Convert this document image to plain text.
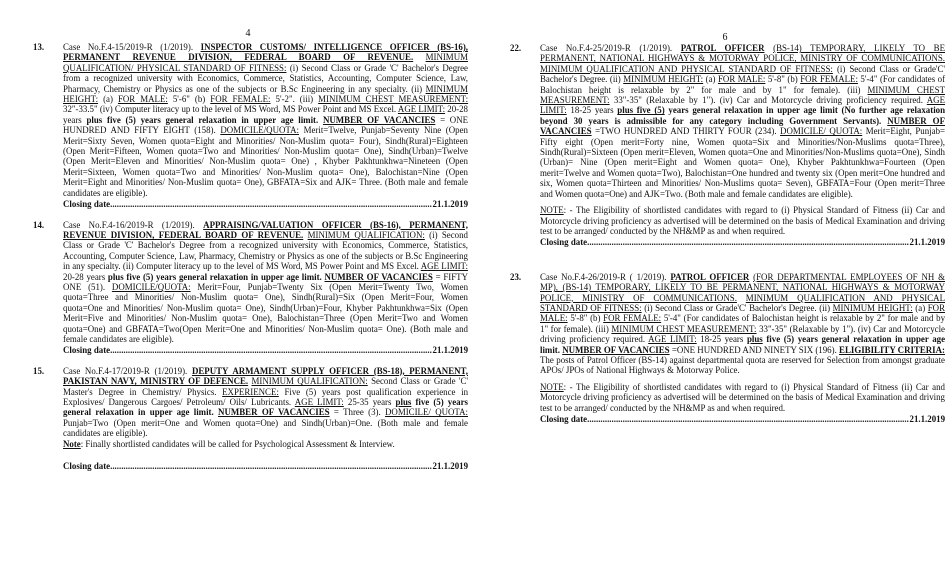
4
13. Case No.F.4-15/2019-R (1/2019). INSPECTOR CUSTOMS/ INTELLIGENCE OFFICER (BS-16), PERMANENT REVENUE DIVISION, FEDERAL BOARD OF REVENUE. MINIMUM QUALIFICATION/ PHYSICAL STANDARD OF FITNESS: (i) Second Class or Grade 'C' Bachelor's Degree from a recognized university with Economics, Commerce, Statistics, Accounting, Computer Science, Law, Pharmacy, Chemistry or Physics as one of the subjects or B.Sc Engineering in any specialty. (ii) MINIMUM HEIGHT: (a) FOR MALE: 5'-6" (b) FOR FEMALE: 5'-2". (iii) MINIMUM CHEST MEASUREMENT: 32"-33.5" (iv) Computer literacy up to the level of MS Word, MS Power Point and MS Excel. AGE LIMIT: 20-28 years plus five (5) years general relaxation in upper age limit. NUMBER OF VACANCIES = ONE HUNDRED AND FIFTY EIGHT (158). DOMICILE/QUOTA: Merit=Twelve, Punjab=Seventy Nine (Open Merit=Sixty Seven, Women quota=Eight and Minorities/ Non-Muslim quota= Four), Sindh(Rural)=Eighteen (Open Merit=Fifteen, Women quota=Two and Minorities/ Non-Muslim quota= One), Sindh(Urban)=Twelve (Open Merit=Eleven and Minorities/ Non-Muslim quota= One) , Khyber Pakhtunkhwa=Nineteen (Open Merit=Sixteen, Women quota=Two and Minorities/ Non-Muslim quota= One), Balochistan=Nine (Open Merit=Eight and Minorities/ Non-Muslim quota= One), GBFATA=Six and AJK= Three. (Both male and female candidates are eligible).

Closing date .....	21.1.2019
14. Case No.F.4-16/2019-R (1/2019). APPRAISING/VALUATION OFFICER (BS-16), PERMANENT, REVENUE DIVISION, FEDERAL BOARD OF REVENUE. MINIMUM QUALIFICATION: (i) Second Class or Grade 'C' Bachelor's Degree from a recognized university with Economics, Commerce, Statistics, Accounting, Computer Science, Law, Pharmacy, Chemistry or Physics as one of the subjects or B.Sc Engineering in any specialty. (ii) Computer literacy up to the level of MS Word, MS Power Point and MS Excel. AGE LIMIT: 20-28 years plus five (5) years general relaxation in upper age limit. NUMBER OF VACANCIES = FIFTY ONE (51). DOMICILE/QUOTA: Merit=Four, Punjab=Twenty Six (Open Merit=Twenty Two, Women quota=Three and Minorities/ Non-Muslim quota= One), Sindh(Rural)=Six (Open Merit=Four, Women quota=One and Minorities/ Non-Muslim quota= One), Sindh(Urban)=Four, Khyber Pakhtunkhwa=Six (Open Merit=Five and Minorities/ Non-Muslim quota= One), Balochistan=Three (Open Merit=Two and Women quota=One) and GBFATA=Two(Open Merit=One and Minorities/ Non-Muslim quota= One). (Both male and female candidates are eligible).

Closing date .....	21.1.2019
15. Case No.F.4-17/2019-R (1/2019). DEPUTY ARMAMENT SUPPLY OFFICER (BS-18), PERMANENT, PAKISTAN NAVY, MINISTRY OF DEFENCE. MINIMUM QUALIFICATION: Second Class or Grade 'C' Master's Degree in Chemistry/ Physics. EXPERIENCE: Five (5) years post qualification experience in Explosives/ Dangerous Cargoes/ Petroleum/ Oils/ Lubricants. AGE LIMIT: 25-35 years plus five (5) years general relaxation in upper age limit. NUMBER OF VACANCIES = Three (3). DOMICILE/ QUOTA: Punjab=Two (Open merit=One and Women quota=One) and Sindh(Urban)=One. (Both male and female candidates are eligible).

Note: Finally shortlisted candidates will be called for Psychological Assessment & Interview.

Closing date .....	21.1.2019
6
22. Case No.F.4-25/2019-R (1/2019). PATROL OFFICER (BS-14) TEMPORARY, LIKELY TO BE PERMANENT, NATIONAL HIGHWAYS & MOTORWAY POLICE, MINISTRY OF COMMUNICATIONS. MINIMUM QUALIFICATION AND PHYSICAL STANDARD OF FITNESS: (i) Second Class or Grade'C' Bachelor's Degree. (ii) MINIMUM HEIGHT: (a) FOR MALE: 5'-8" (b) FOR FEMALE: 5'-4" (For candidates of Balochistan height is relaxable by 2" for male and by 1" for female). (iii) MINIMUM CHEST MEASUREMENT: 33"-35" (Relaxable by 1"). (iv) Car and Motorcycle driving proficiency required. AGE LIMIT: 18-25 years plus five (5) years general relaxation in upper age limit (No further age relaxation beyond 30 years is admissible for any category including Government Servants). NUMBER OF VACANCIES =TWO HUNDRED AND THIRTY FOUR (234). DOMICILE/ QUOTA: Merit=Eight, Punjab= Fifty eight (Open merit=Forty nine, Women quota=Six and Minorities/Non-Muslims quota=Three), Sindh(Rural)=Sixteen (Open merit=Eleven, Women quota=One and Minorities/Non-Muslims quota=One), Sindh (Urban)= Nine (Open merit=Eight and Women quota= One), Khyber Pakhtunkhwa=Fourteen (Open merit=Twelve and Women quota=Two), Balochistan=One hundred and twenty six (Open merit=One hundred and six, Women quota=Thirteen and Minorities/ Non-Muslims quota= Seven), GBFATA=Four (Open merit=Three and Women quota=One) and AJK=Two. (Both male and female candidates are eligible).

NOTE: - The Eligibility of shortlisted candidates with regard to (i) Physical Standard of Fitness (ii) Car and Motorcycle driving proficiency as advertised will be determined on the basis of Medical Examination and driving test to be arranged/ conducted by the NH&MP as and when required.

Closing date .....	21.1.2019
23. Case No.F.4-26/2019-R ( 1/2019). PATROL OFFICER (FOR DEPARTMENTAL EMPLOYEES OF NH & MP), (BS-14) TEMPORARY, LIKELY TO BE PERMANENT, NATIONAL HIGHWAYS & MOTORWAY POLICE, MINISTRY OF COMMUNICATIONS. MINIMUM QUALIFICATION AND PHYSICAL STANDARD OF FITNESS: (i) Second Class or Grade'C' Bachelor's Degree. (ii) MINIMUM HEIGHT: (a) FOR MALE: 5'-8" (b) FOR FEMALE: 5'-4" (For candidates of Balochistan height is relaxable by 2" for male and by 1" for female). (iii) MINIMUM CHEST MEASUREMENT: 33"-35" (Relaxable by 1"). (iv) Car and Motorcycle driving proficiency required. AGE LIMIT: 18-25 years plus five (5) years general relaxation in upper age limit. NUMBER OF VACANCIES =ONE HUNDRED AND NINETY SIX (196). ELIGIBILITY CRITERIA: The posts of Patrol Officer (BS-14) against departmental quota are reserved for Selection from amongst graduate APOs/ JPOs of National Highways & Motorway Police.

NOTE: - The Eligibility of shortlisted candidates with regard to (i) Physical Standard of Fitness (ii) Car and Motorcycle driving proficiency as advertised will be determined on the basis of Medical Examination and driving test to be arranged/ conducted by the NH&MP as and when required.

Closing date .....	21.1.2019
